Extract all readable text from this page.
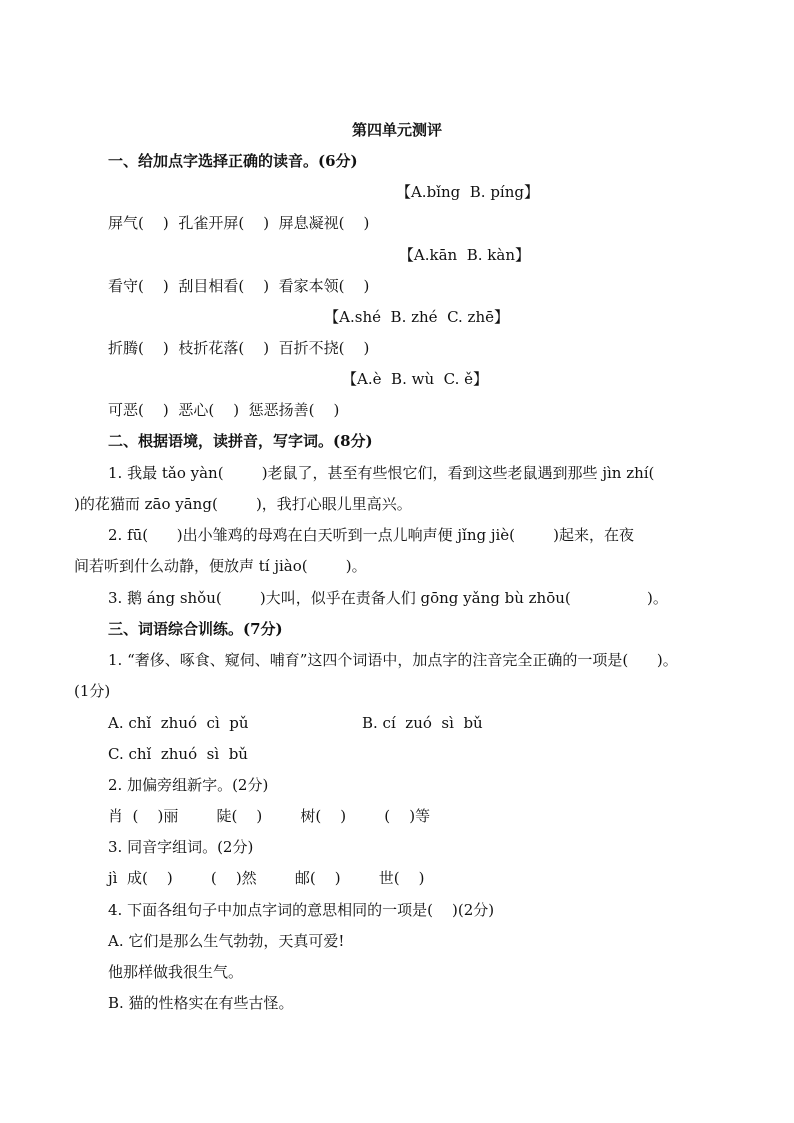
第四单元测评
一、给加点字选择正确的读音。(6分)
【A.bǐng  B. píng】
屏气(    )  孔雀开屏(    )  屏息凝视(    )
【A.kān  B. kàn】
看守(    )  刮目相看(    )  看家本领(    )
【A.shé  B. zhé  C. zhē】
折腾(    )  枝折花落(    )  百折不挠(    )
【A.è  B. wù  C. ě】
可恶(    )  恶心(    )  惩恶扬善(    )
二、根据语境，读拼音，写字词。(8分)
1. 我最 tǎo yàn(        )老鼠了，甚至有些恨它们，看到这些老鼠遇到那些 jìn zhí(
)的花猫而 zāo yāng(        )，我打心眼儿里高兴。
2. fū(      )出小雏鸡的母鸡在白天听到一点儿响声便 jǐng jiè(        )起来，在夜
间若听到什么动静，便放声 tí jiào(        )。
3. 鹅 áng shǒu(        )大叫，似乎在责备人们 gōng yǎng bù zhōu(                )。
三、词语综合训练。(7分)
1. “奢侈、啄食、窥伺、哺育”这四个词语中，加点字的注音完全正确的一项是(      )。
(1分)
A. chǐ  zhuó  cì  pǔ	B. cí  zuó  sì  bǔ
C. chǐ  zhuó  sì  bǔ
2. 加偏旁组新字。(2分)
肖  (    )丽        陡(    )        树(    )        (    )等
3. 同音字组词。(2分)
jì  成(    )        (    )然        邮(    )        世(    )
4. 下面各组句子中加点字词的意思相同的一项是(    )(2分)
A. 它们是那么生气勃勃，天真可爱!
他那样做我很生气。
B. 猫的性格实在有些古怪。
